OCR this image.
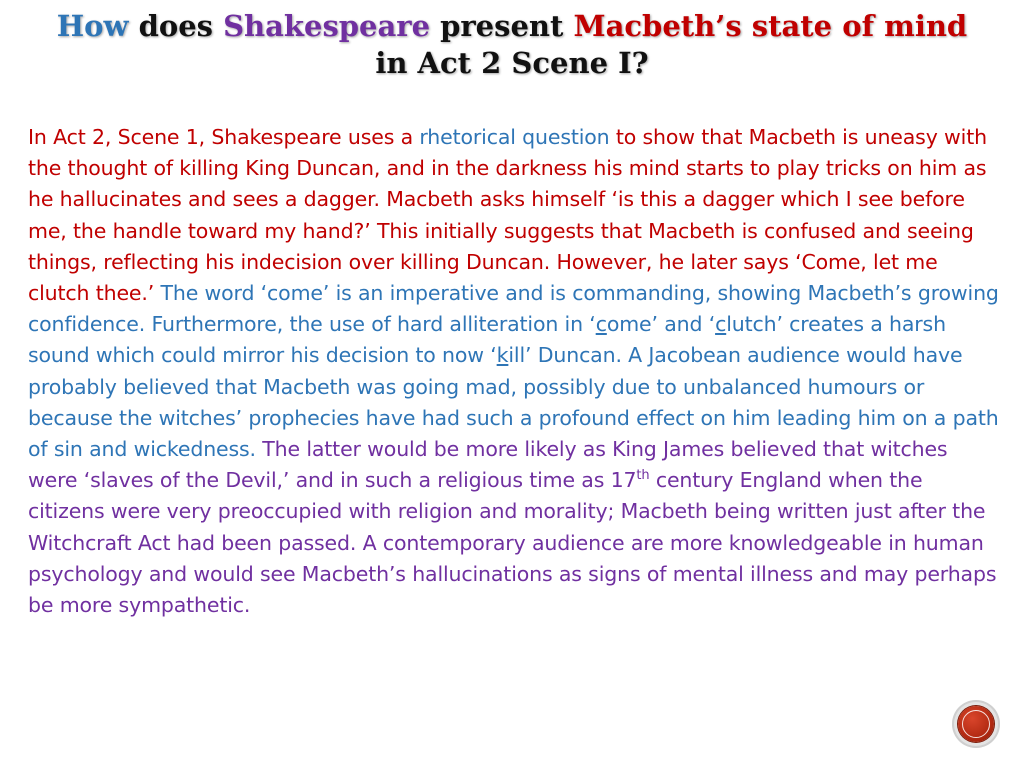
How does Shakespeare present Macbeth’s state of mind
in Act 2 Scene I?

In Act 2, Scene 1, Shakespeare uses a rhetorical question to show that Macbeth is uneasy with the thought of killing King Duncan, and in the darkness his mind starts to play tricks on him as he hallucinates and sees a dagger. Macbeth asks himself ‘is this a dagger which I see before me, the handle toward my hand?’ This initially suggests that Macbeth is confused and seeing things, reflecting his indecision over killing Duncan. However, he later says ‘Come, let me clutch thee.’ The word ‘come’ is an imperative and is commanding, showing Macbeth’s growing confidence. Furthermore, the use of hard alliteration in ‘come’ and ‘clutch’ creates a harsh sound which could mirror his decision to now ‘kill’ Duncan. A Jacobean audience would have probably believed that Macbeth was going mad, possibly due to unbalanced humours or because the witches’ prophecies have had such a profound effect on him leading him on a path of sin and wickedness. The latter would be more likely as King James believed that witches were ‘slaves of the Devil,’ and in such a religious time as 17th century England when the citizens were very preoccupied with religion and morality; Macbeth being written just after the Witchcraft Act had been passed. A contemporary audience are more knowledgeable in human psychology and would see Macbeth’s hallucinations as signs of mental illness and may perhaps be more sympathetic.
